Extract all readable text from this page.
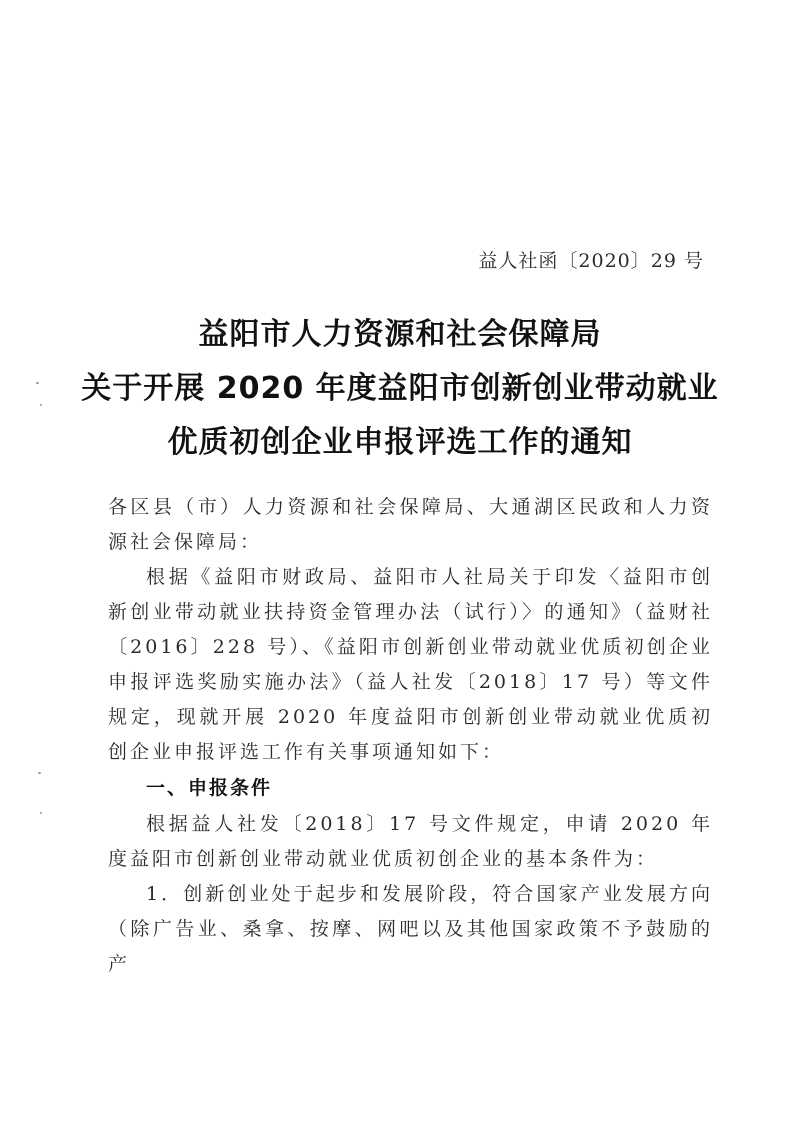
益人社函〔2020〕29 号
益阳市人力资源和社会保障局
关于开展 2020 年度益阳市创新创业带动就业
优质初创企业申报评选工作的通知

各区县（市）人力资源和社会保障局、大通湖区民政和人力资源社会保障局：

根据《益阳市财政局、益阳市人社局关于印发〈益阳市创新创业带动就业扶持资金管理办法（试行）〉的通知》（益财社〔2016〕228 号）、《益阳市创新创业带动就业优质初创企业申报评选奖励实施办法》（益人社发〔2018〕17 号）等文件规定，现就开展 2020 年度益阳市创新创业带动就业优质初创企业申报评选工作有关事项通知如下：

一、申报条件

根据益人社发〔2018〕17 号文件规定，申请 2020 年度益阳市创新创业带动就业优质初创企业的基本条件为：

1．创新创业处于起步和发展阶段，符合国家产业发展方向（除广告业、桑拿、按摩、网吧以及其他国家政策不予鼓励的产
